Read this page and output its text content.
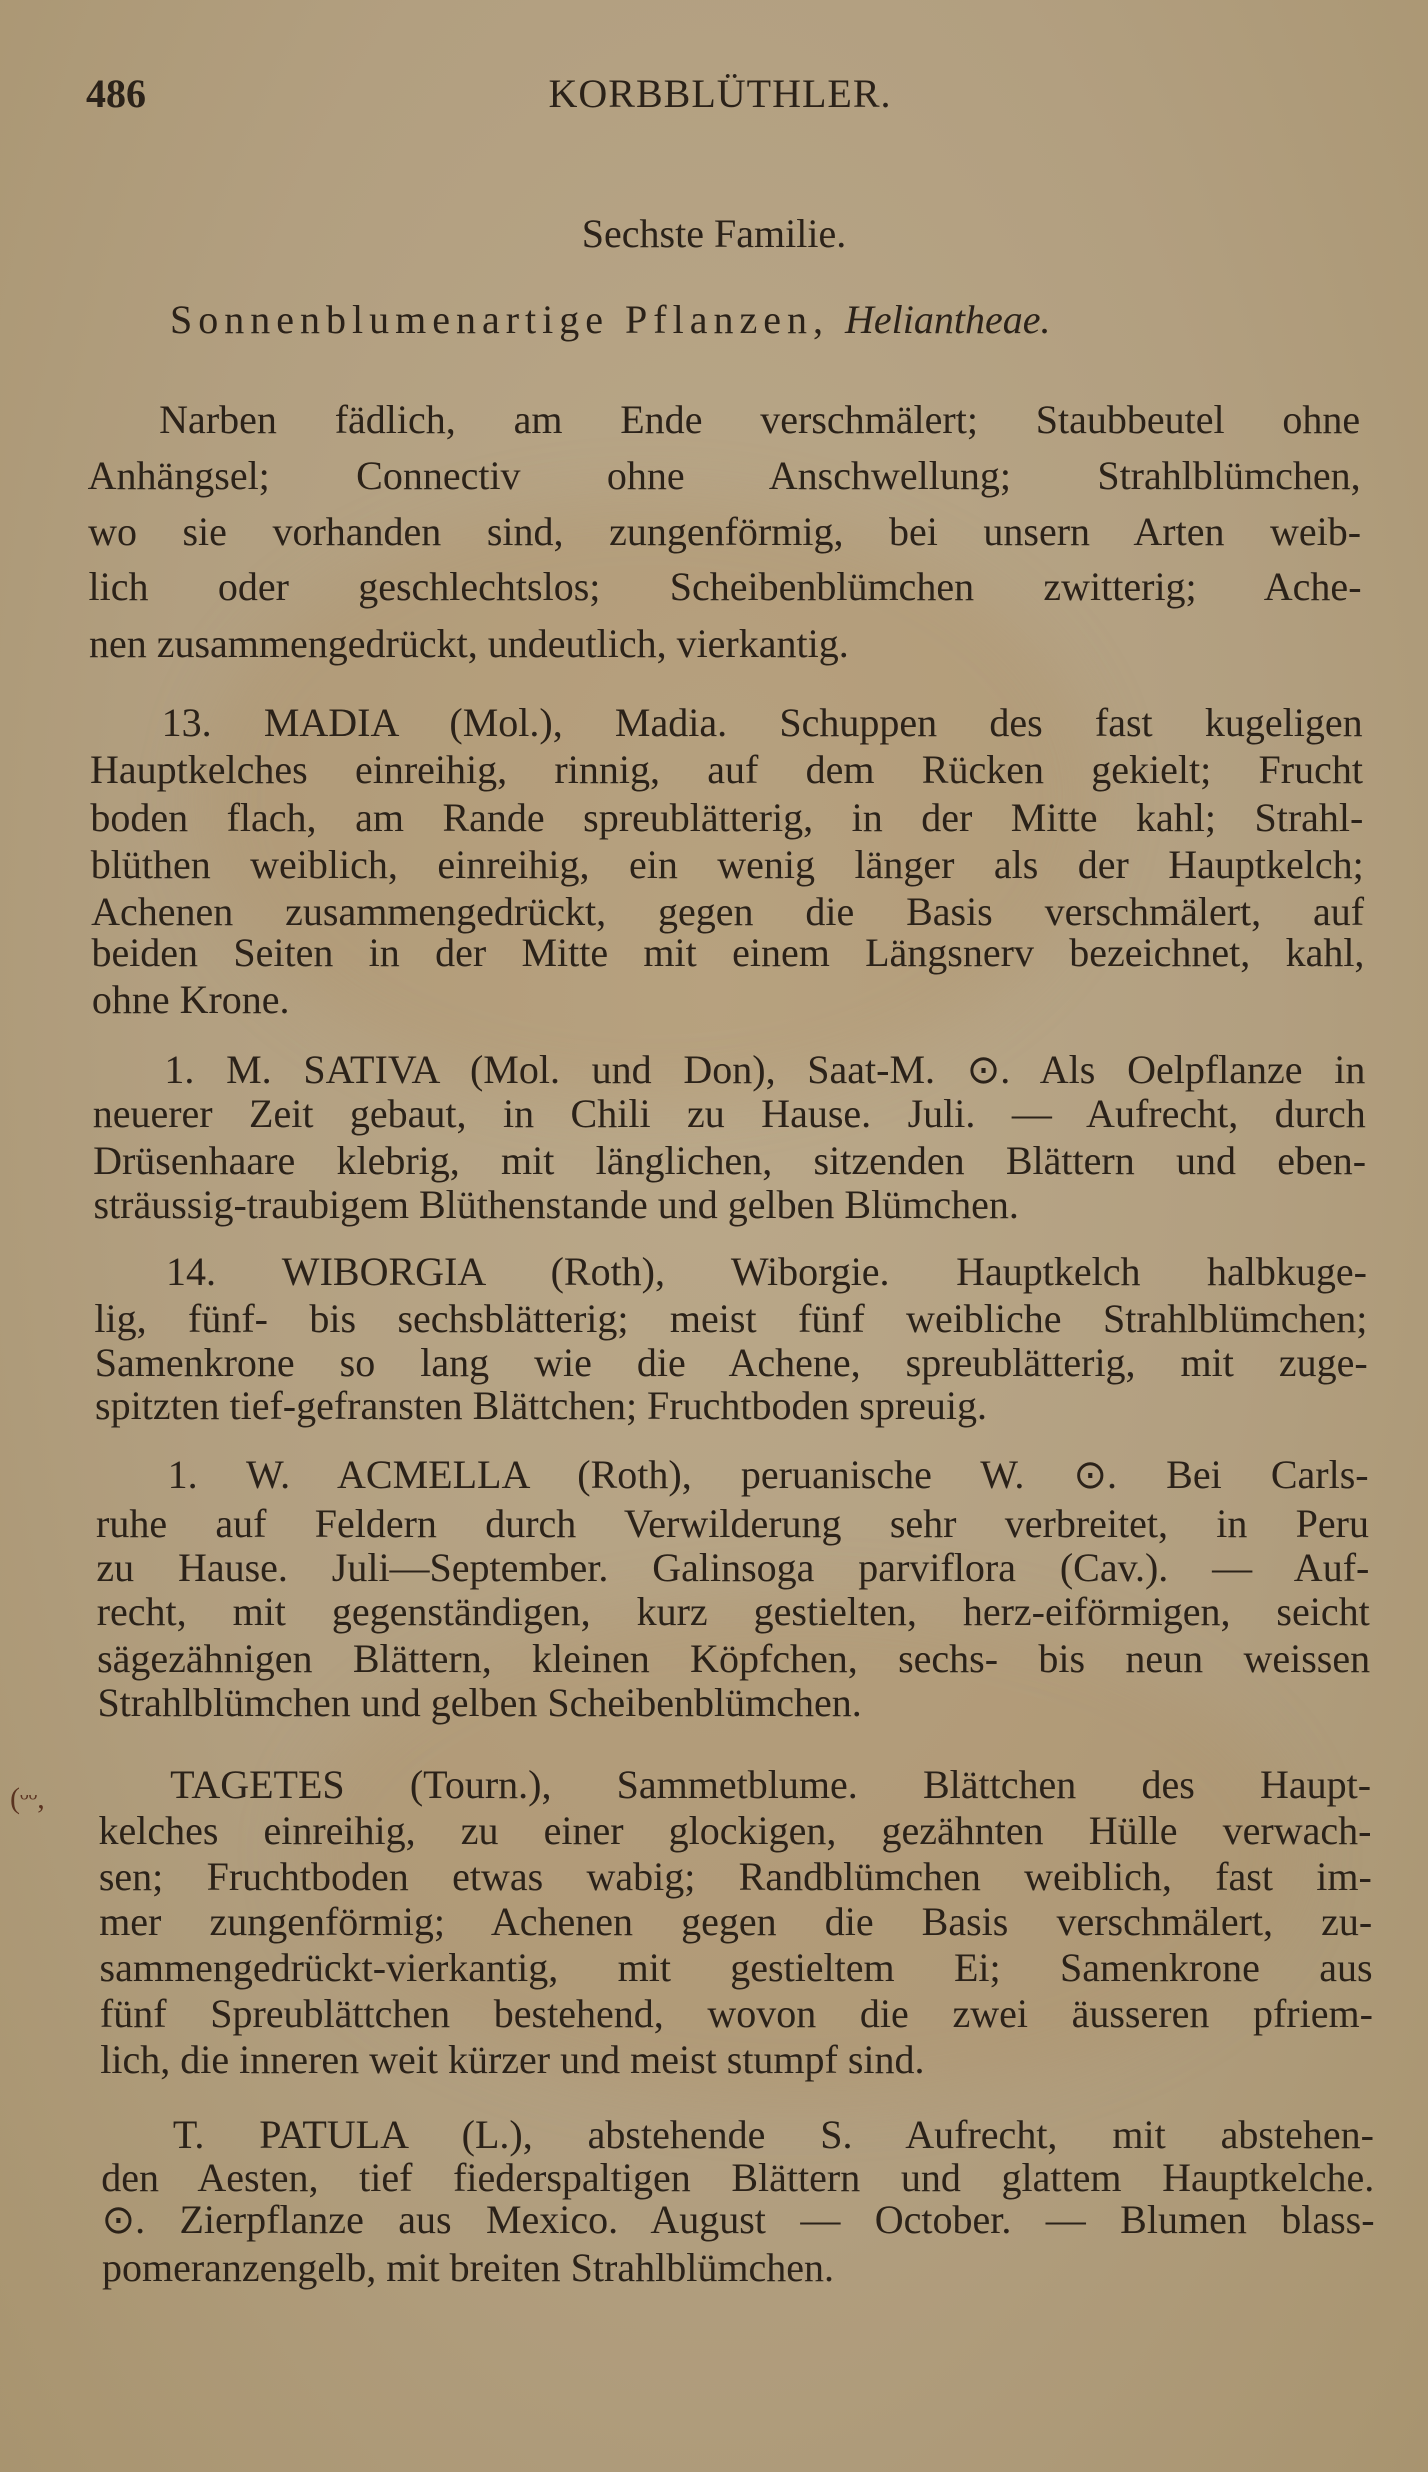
486	KORBBLÜTHLER.
Sechste Familie.
Sonnenblumenartige Pflanzen, Heliantheae.
(ᵕᵕ,
Narben fädlich, am Ende verschmälert; Staubbeutel ohne
Anhängsel; Connectiv ohne Anschwellung; Strahlblümchen,
wo sie vorhanden sind, zungenförmig, bei unsern Arten weib-
lich oder geschlechtslos; Scheibenblümchen zwitterig; Ache-
nen zusammengedrückt, undeutlich, vierkantig.
13. MADIA (Mol.), Madia. Schuppen des fast kugeligen
Hauptkelches einreihig, rinnig, auf dem Rücken gekielt; Frucht
boden flach, am Rande spreublätterig, in der Mitte kahl; Strahl-
blüthen weiblich, einreihig, ein wenig länger als der Hauptkelch;
Achenen zusammengedrückt, gegen die Basis verschmälert, auf
beiden Seiten in der Mitte mit einem Längsnerv bezeichnet, kahl,
ohne Krone.
1. M. SATIVA (Mol. und Don), Saat-M. ⊙. Als Oelpflanze in
neuerer Zeit gebaut, in Chili zu Hause. Juli. — Aufrecht, durch
Drüsenhaare klebrig, mit länglichen, sitzenden Blättern und eben-
sträussig-traubigem Blüthenstande und gelben Blümchen.
14. WIBORGIA (Roth), Wiborgie. Hauptkelch halbkuge-
lig, fünf- bis sechsblätterig; meist fünf weibliche Strahlblümchen;
Samenkrone so lang wie die Achene, spreublätterig, mit zuge-
spitzten tief-gefransten Blättchen; Fruchtboden spreuig.
1. W. ACMELLA (Roth), peruanische W. ⊙. Bei Carls-
ruhe auf Feldern durch Verwilderung sehr verbreitet, in Peru
zu Hause. Juli—September. Galinsoga parviflora (Cav.). — Auf-
recht, mit gegenständigen, kurz gestielten, herz-eiförmigen, seicht
sägezähnigen Blättern, kleinen Köpfchen, sechs- bis neun weissen
Strahlblümchen und gelben Scheibenblümchen.
TAGETES (Tourn.), Sammetblume. Blättchen des Haupt-
kelches einreihig, zu einer glockigen, gezähnten Hülle verwach-
sen; Fruchtboden etwas wabig; Randblümchen weiblich, fast im-
mer zungenförmig; Achenen gegen die Basis verschmälert, zu-
sammengedrückt-vierkantig, mit gestieltem Ei; Samenkrone aus
fünf Spreublättchen bestehend, wovon die zwei äusseren pfriem-
lich, die inneren weit kürzer und meist stumpf sind.
T. PATULA (L.), abstehende S. Aufrecht, mit abstehen-
den Aesten, tief fiederspaltigen Blättern und glattem Hauptkelche.
⊙. Zierpflanze aus Mexico. August — October. — Blumen blass-
pomeranzengelb, mit breiten Strahlblümchen.
